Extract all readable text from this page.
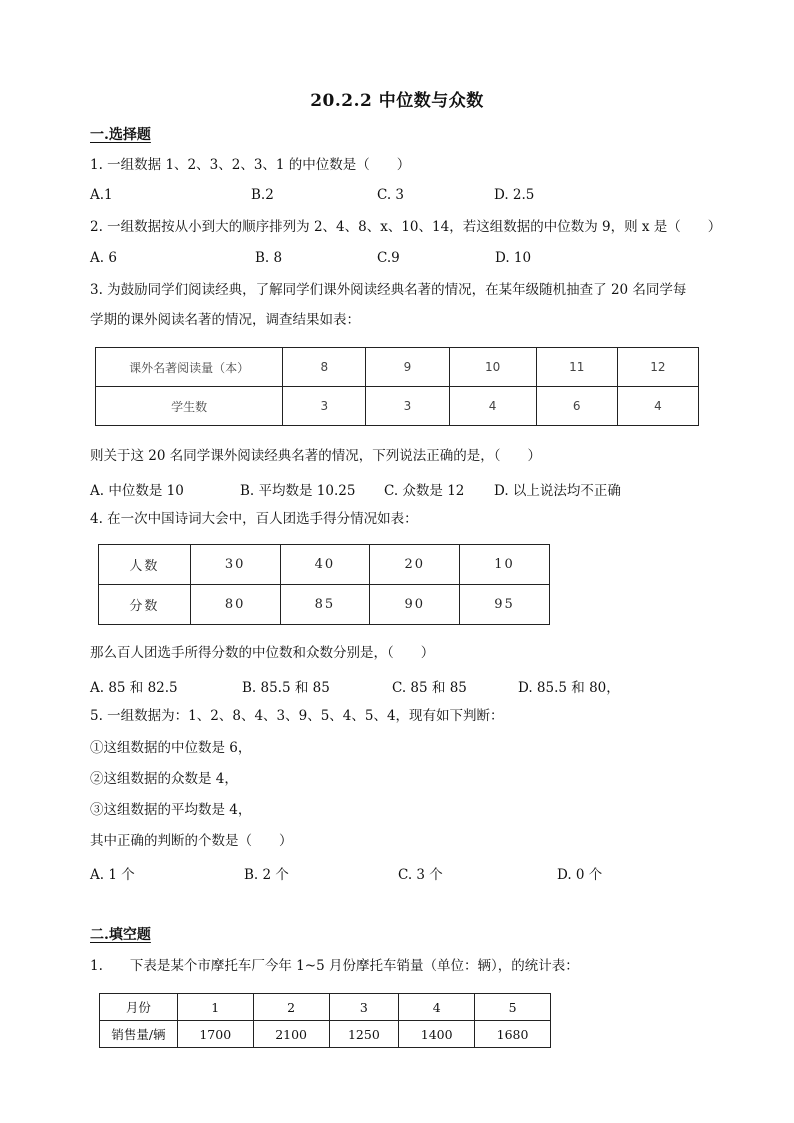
20.2.2 中位数与众数
一.选择题
1. 一组数据 1、2、3、2、3、1 的中位数是（　　）
A.1	B.2	C. 3	D. 2.5
2. 一组数据按从小到大的顺序排列为 2、4、8、x、10、14，若这组数据的中位数为 9，则 x 是（　　）
A. 6	B. 8	C.9	D. 10
3. 为鼓励同学们阅读经典，了解同学们课外阅读经典名著的情况，在某年级随机抽查了 20 名同学每
学期的课外阅读名著的情况，调查结果如表：
课外名著阅读量（本）	8	9	10	11	12
学生数	3	3	4	6	4
则关于这 20 名同学课外阅读经典名著的情况，下列说法正确的是，（　　）
A. 中位数是 10	B. 平均数是 10.25 C. 众数是 12 D. 以上说法均不正确
4. 在一次中国诗词大会中，百人团选手得分情况如表：
人数	30	40	20	10
分数	80	85	90	95
那么百人团选手所得分数的中位数和众数分别是，（　　）
A. 85 和 82.5	B. 85.5 和 85	C. 85 和 85	D. 85.5 和 80，
5. 一组数据为：1、2、8、4、3、9、5、4、5、4，现有如下判断：
①这组数据的中位数是 6，
②这组数据的众数是 4，
③这组数据的平均数是 4，
其中正确的判断的个数是（　　）
A. 1 个	B. 2 个	C. 3 个	D. 0 个
二.填空题
1.　　下表是某个市摩托车厂今年 1~5 月份摩托车销量（单位：辆），的统计表：
月份	1	2	3	4	5
销售量/辆	1700	2100	1250	1400	1680
